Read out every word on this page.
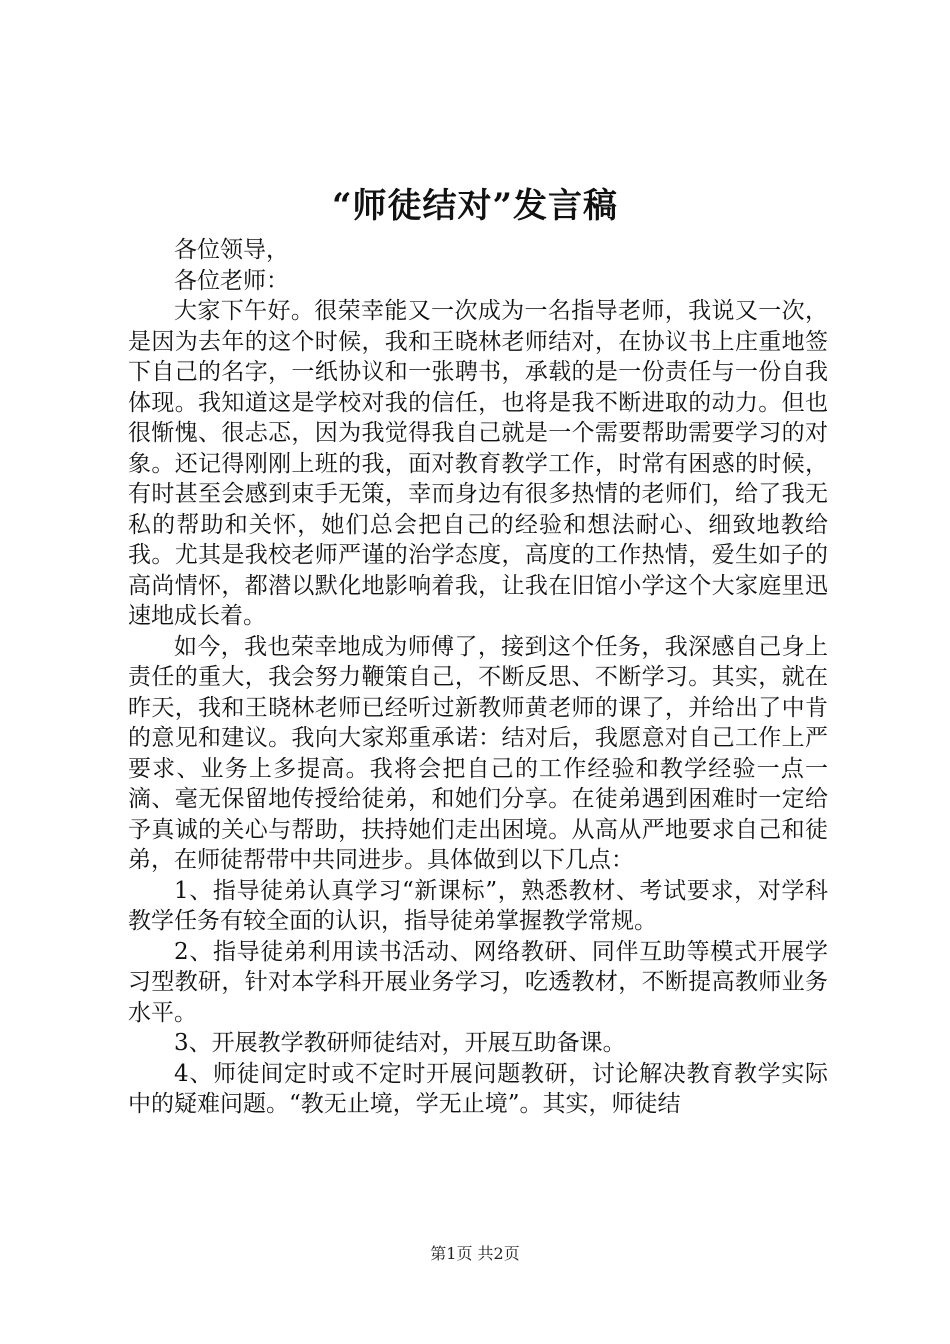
“师徒结对”发言稿

各位领导，

各位老师：

大家下午好。很荣幸能又一次成为一名指导老师，我说又一次，是因为去年的这个时候，我和王晓林老师结对，在协议书上庄重地签下自己的名字，一纸协议和一张聘书，承载的是一份责任与一份自我体现。我知道这是学校对我的信任，也将是我不断进取的动力。但也很惭愧、很忐忑，因为我觉得我自己就是一个需要帮助需要学习的对象。还记得刚刚上班的我，面对教育教学工作，时常有困惑的时候，有时甚至会感到束手无策，幸而身边有很多热情的老师们，给了我无私的帮助和关怀，她们总会把自己的经验和想法耐心、细致地教给我。尤其是我校老师严谨的治学态度，高度的工作热情，爱生如子的高尚情怀，都潜以默化地影响着我，让我在旧馆小学这个大家庭里迅速地成长着。

如今，我也荣幸地成为师傅了，接到这个任务，我深感自己身上责任的重大，我会努力鞭策自己，不断反思、不断学习。其实，就在昨天，我和王晓林老师已经听过新教师黄老师的课了，并给出了中肯的意见和建议。我向大家郑重承诺：结对后，我愿意对自己工作上严要求、业务上多提高。我将会把自己的工作经验和教学经验一点一滴、毫无保留地传授给徒弟，和她们分享。在徒弟遇到困难时一定给予真诚的关心与帮助，扶持她们走出困境。从高从严地要求自己和徒弟，在师徒帮带中共同进步。具体做到以下几点：

1、指导徒弟认真学习“新课标”，熟悉教材、考试要求，对学科教学任务有较全面的认识，指导徒弟掌握教学常规。

2、指导徒弟利用读书活动、网络教研、同伴互助等模式开展学习型教研，针对本学科开展业务学习，吃透教材，不断提高教师业务水平。

3、开展教学教研师徒结对，开展互助备课。

4、师徒间定时或不定时开展问题教研，讨论解决教育教学实际中的疑难问题。“教无止境，学无止境”。其实，师徒结

第1页 共2页
